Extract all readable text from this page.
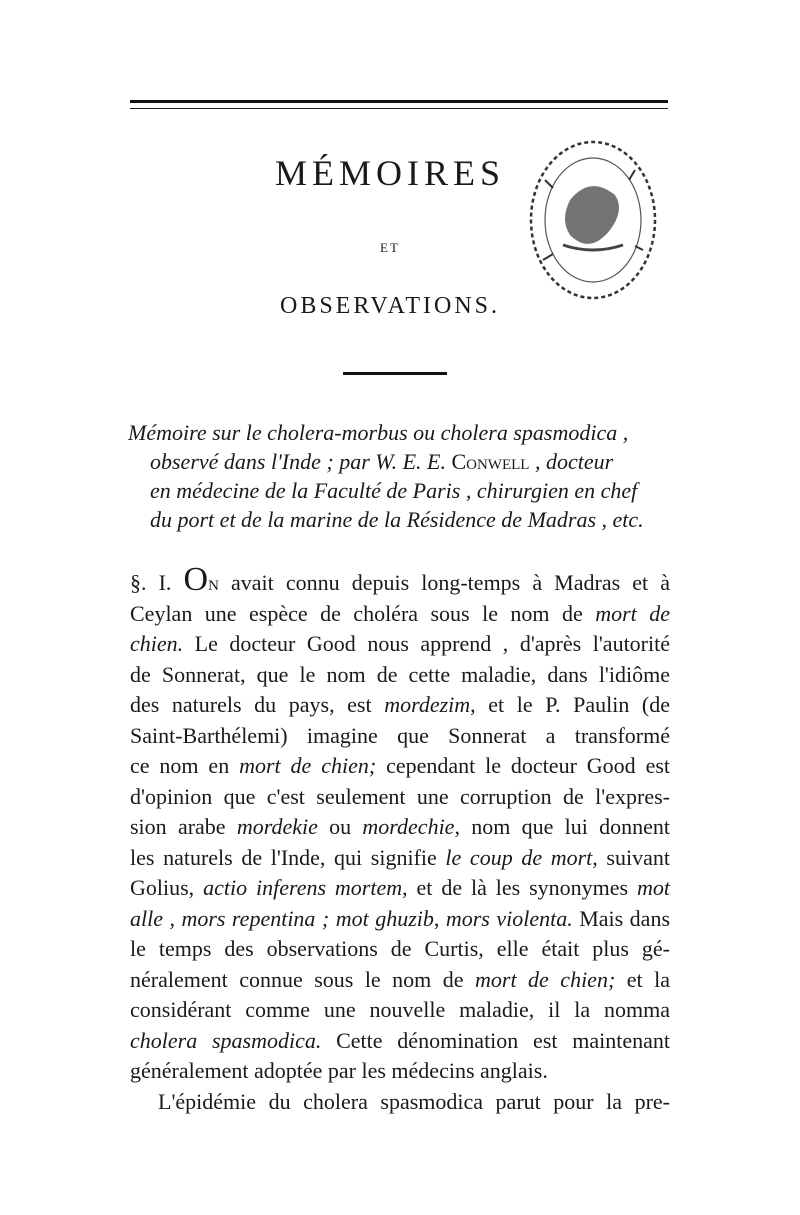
MÉMOIRES
ET
OBSERVATIONS.
Mémoire sur le cholera-morbus ou cholera spasmodica ,
observé dans l'Inde ; par W. E. E. Conwell , docteur
en médecine de la Faculté de Paris , chirurgien en chef
du port et de la marine de la Résidence de Madras , etc.
§. I. On avait connu depuis long-temps à Madras et à
Ceylan une espèce de choléra sous le nom de mort de
chien. Le docteur Good nous apprend , d'après l'autorité
de Sonnerat, que le nom de cette maladie, dans l'idiôme
des naturels du pays, est mordezim, et le P. Paulin (de
Saint-Barthélemi) imagine que Sonnerat a transformé
ce nom en mort de chien; cependant le docteur Good est
d'opinion que c'est seulement une corruption de l'expres-
sion arabe mordekie ou mordechie, nom que lui donnent
les naturels de l'Inde, qui signifie le coup de mort, suivant
Golius, actio inferens mortem, et de là les synonymes mot
alle , mors repentina ; mot ghuzib, mors violenta. Mais dans
le temps des observations de Curtis, elle était plus gé-
néralement connue sous le nom de mort de chien; et la
considérant comme une nouvelle maladie, il la nomma
cholera spasmodica. Cette dénomination est maintenant
généralement adoptée par les médecins anglais.
L'épidémie du cholera spasmodica parut pour la pre-
